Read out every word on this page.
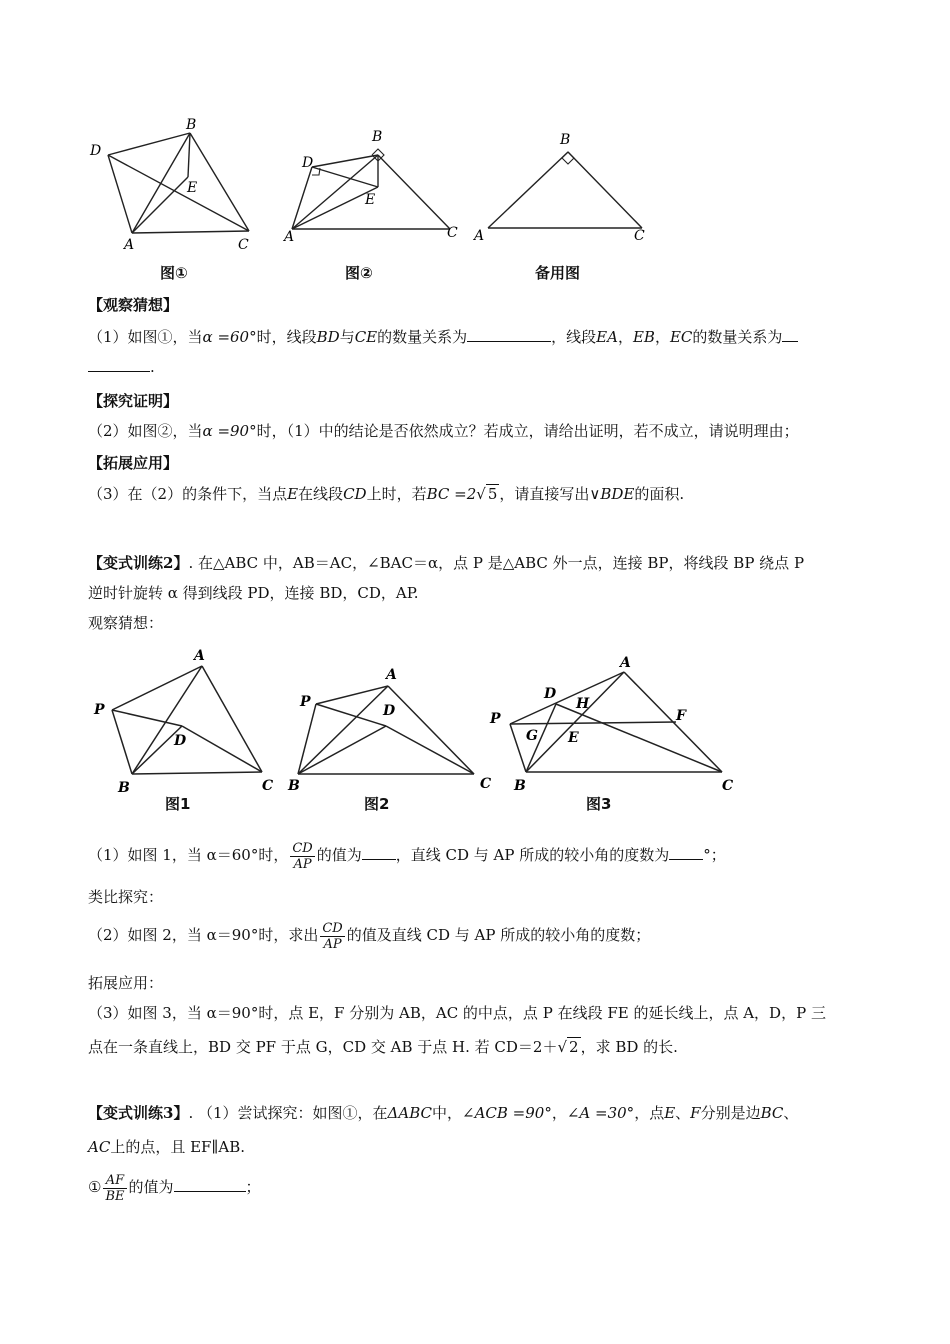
D
B
E
A	C
图①
D
B
E
A	C
图②
B
A	C
备用图
【观察猜想】
（1）如图①，当α =60°时，线段BD与CE的数量关系为	，线段EA，EB，EC的数量关系为
.
【探究证明】
（2）如图②，当α =90°时，（1）中的结论是否依然成立？若成立，请给出证明，若不成立，请说明理由；
【拓展应用】
（3）在（2）的条件下，当点E在线段CD上时，若BC =2√ 5 ，请直接写出∨BDE的面积.
【变式训练2】. 在△ABC 中，AB＝AC，∠BAC＝α，点 P 是△ABC 外一点，连接 BP，将线段 BP 绕点 P
逆时针旋转 α 得到线段 PD，连接 BD，CD，AP.
观察猜想：
A
P
D
B	C
图1
A
P
D
B	C
图2
A
D
H
P	F
G E
B	C
图3
（1）如图 1，当 α＝60°时， $\frac{CD}{AP}$ 的值为 ，直线 CD 与 AP 所成的较小角的度数为 °；
类比探究：
（2）如图 2，当 α＝90°时，求出 $\frac{CD}{AP}$ 的值及直线 CD 与 AP 所成的较小角的度数；
拓展应用：
（3）如图 3，当 α＝90°时，点 E，F 分别为 AB，AC 的中点，点 P 在线段 FE 的延长线上，点 A，D，P 三
点在一条直线上，BD 交 PF 于点 G，CD 交 AB 于点 H. 若 CD＝2＋√ 2 ，求 BD 的长.
【变式训练3】. （1）尝试探究：如图①，在ΔABC中，∠ACB =90°，∠A =30°，点E、F分别是边BC、
AC上的点，且 EF∥AB.
① $\frac{AF}{BE}$ 的值为	；
